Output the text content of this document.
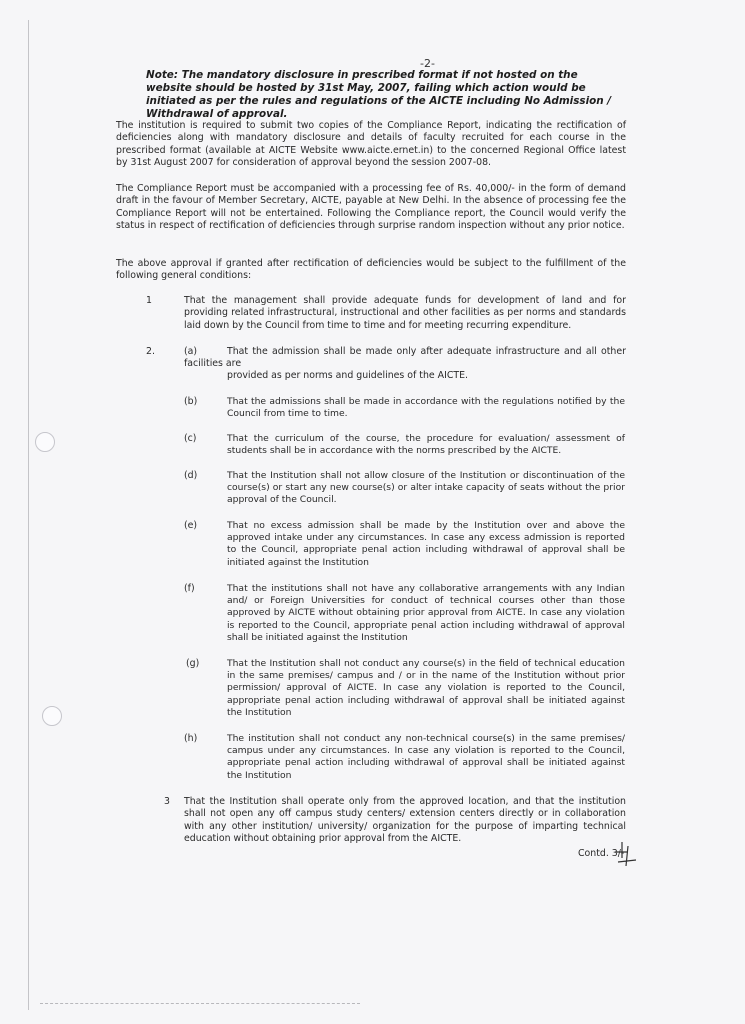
-2-
Note: The mandatory disclosure in prescribed format if not hosted on the website should be hosted by 31st May, 2007, failing which action would be initiated as per the rules and regulations of the AICTE including No Admission / Withdrawal of approval.
The institution is required to submit two copies of the Compliance Report, indicating the rectification of deficiencies along with mandatory disclosure and details of faculty recruited for each course in the prescribed format (available at AICTE Website www.aicte.ernet.in) to the concerned Regional Office latest by 31st August 2007 for consideration of approval beyond the session 2007-08.
The Compliance Report must be accompanied with a processing fee of Rs. 40,000/- in the form of demand draft in the favour of Member Secretary, AICTE, payable at New Delhi. In the absence of processing fee the Compliance Report will not be entertained. Following the Compliance report, the Council would verify the status in respect of rectification of deficiencies through surprise random inspection without any prior notice.
The above approval if granted after rectification of deficiencies would be subject to the fulfillment of the following general conditions:
1	That the management shall provide adequate funds for development of land and for providing related infrastructural, instructional and other facilities as per norms and standards laid down by the Council from time to time and for meeting recurring expenditure.
2.	(a)	That the admission shall be made only after adequate infrastructure and all other facilities are
provided as per norms and guidelines of the AICTE.
(b)	That the admissions shall be made in accordance with the regulations notified by the Council from time to time.
(c)	That the curriculum of the course, the procedure for evaluation/ assessment of students shall be in accordance with the norms prescribed by the AICTE.
(d)	That the Institution shall not allow closure of the Institution or discontinuation of the course(s) or start any new course(s) or alter intake capacity of seats without the prior approval of the Council.
(e)	That no excess admission shall be made by the Institution over and above the approved intake under any circumstances. In case any excess admission is reported to the Council, appropriate penal action including withdrawal of approval shall be initiated against the Institution
(f)	That the institutions shall not have any collaborative arrangements with any Indian and/ or Foreign Universities for conduct of technical courses other than those approved by AICTE without obtaining prior approval from AICTE. In case any violation is reported to the Council, appropriate penal action including withdrawal of approval shall be initiated against the Institution
(g)	That the Institution shall not conduct any course(s) in the field of technical education in the same premises/ campus and / or in the name of the Institution without prior permission/ approval of AICTE. In case any violation is reported to the Council, appropriate penal action including withdrawal of approval shall be initiated against the Institution
(h)	The institution shall not conduct any non-technical course(s) in the same premises/ campus under any circumstances. In case any violation is reported to the Council, appropriate penal action including withdrawal of approval shall be initiated against the Institution
3 That the Institution shall operate only from the approved location, and that the institution shall not open any off campus study centers/ extension centers directly or in collaboration with any other institution/ university/ organization for the purpose of imparting technical education without obtaining prior approval from the AICTE.
Contd. 3/-
